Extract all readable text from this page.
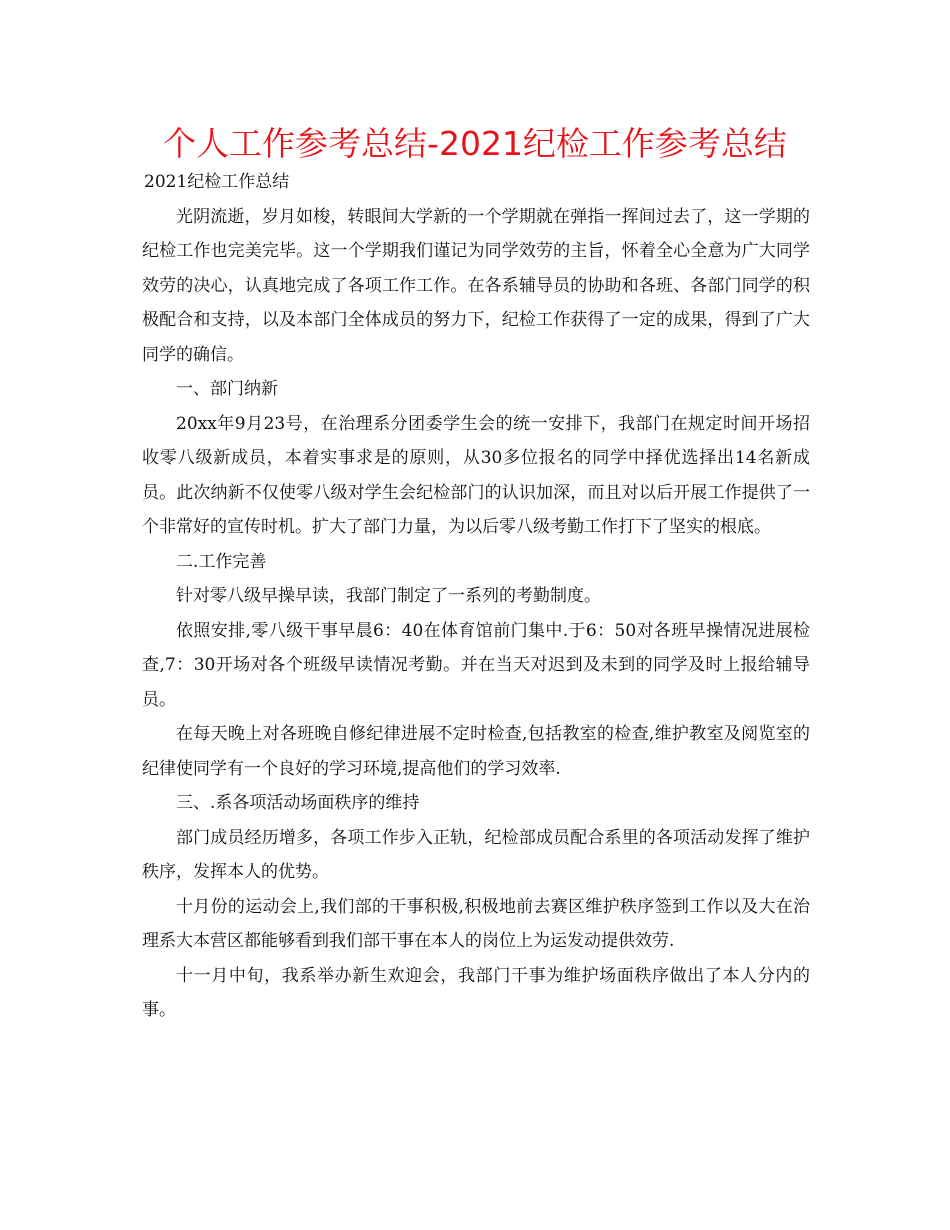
个人工作参考总结-2021纪检工作参考总结

2021纪检工作总结

光阴流逝，岁月如梭，转眼间大学新的一个学期就在弹指一挥间过去了，这一学期的纪检工作也完美完毕。这一个学期我们谨记为同学效劳的主旨，怀着全心全意为广大同学效劳的决心，认真地完成了各项工作工作。在各系辅导员的协助和各班、各部门同学的积极配合和支持，以及本部门全体成员的努力下，纪检工作获得了一定的成果，得到了广大同学的确信。

一、部门纳新

20xx年9月23号，在治理系分团委学生会的统一安排下，我部门在规定时间开场招收零八级新成员，本着实事求是的原则，从30多位报名的同学中择优选择出14名新成员。此次纳新不仅使零八级对学生会纪检部门的认识加深，而且对以后开展工作提供了一个非常好的宣传时机。扩大了部门力量，为以后零八级考勤工作打下了坚实的根底。

二.工作完善

针对零八级早操早读，我部门制定了一系列的考勤制度。

依照安排,零八级干事早晨6：40在体育馆前门集中.于6：50对各班早操情况进展检查,7：30开场对各个班级早读情况考勤。并在当天对迟到及未到的同学及时上报给辅导员。

在每天晚上对各班晚自修纪律进展不定时检查,包括教室的检查,维护教室及阅览室的纪律使同学有一个良好的学习环境,提高他们的学习效率.

三、.系各项活动场面秩序的维持

部门成员经历增多，各项工作步入正轨，纪检部成员配合系里的各项活动发挥了维护秩序，发挥本人的优势。

十月份的运动会上,我们部的干事积极,积极地前去赛区维护秩序签到工作以及大在治理系大本营区都能够看到我们部干事在本人的岗位上为运发动提供效劳.

十一月中旬，我系举办新生欢迎会，我部门干事为维护场面秩序做出了本人分内的事。
